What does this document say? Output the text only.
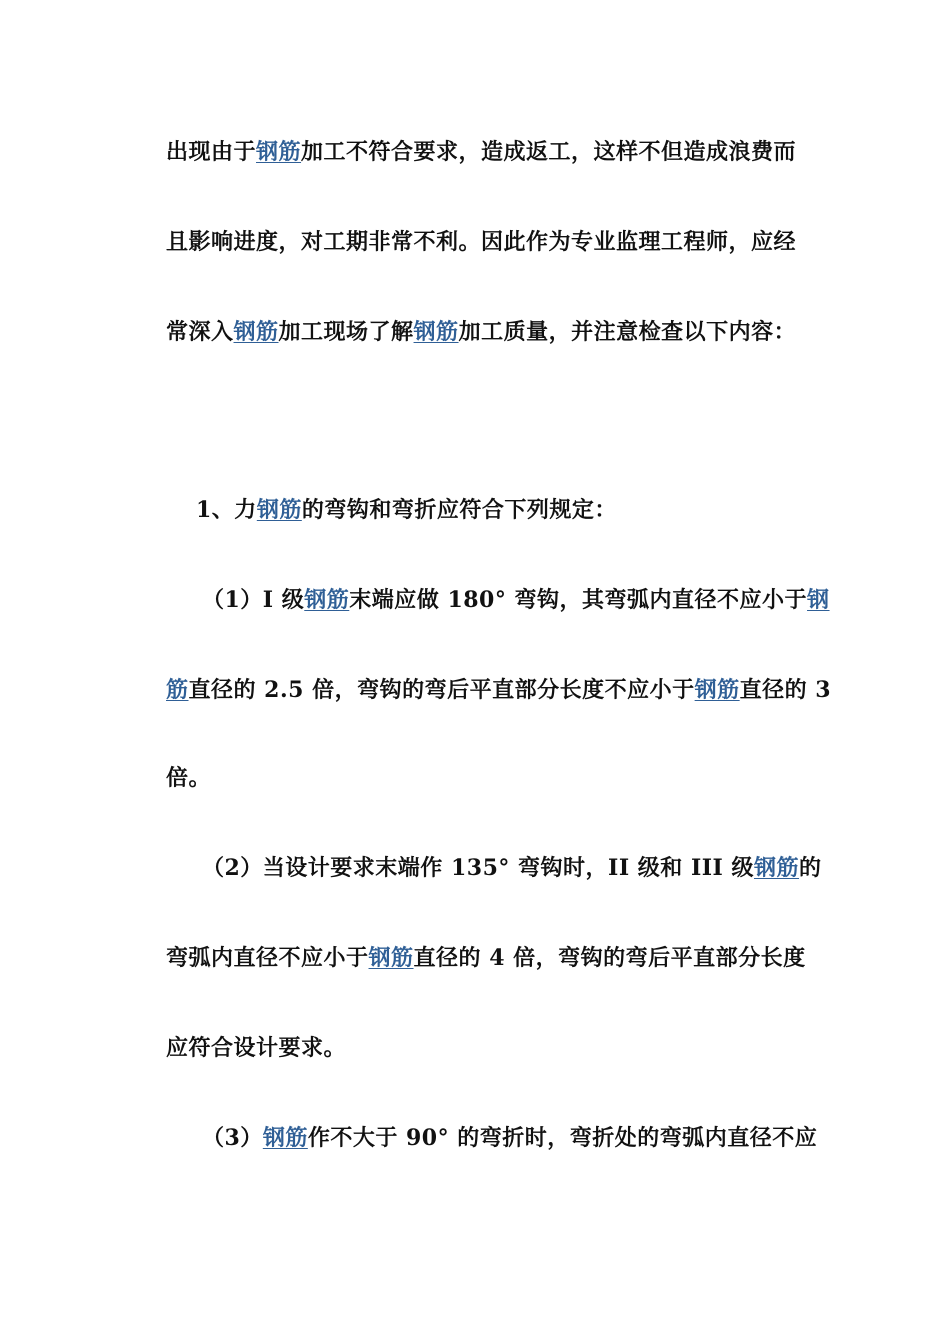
出现由于钢筋加工不符合要求，造成返工，这样不但造成浪费而
且影响进度，对工期非常不利。因此作为专业监理工程师，应经
常深入钢筋加工现场了解钢筋加工质量，并注意检查以下内容：
1、力钢筋的弯钩和弯折应符合下列规定：
（1）I 级钢筋末端应做 180° 弯钩，其弯弧内直径不应小于钢
筋直径的 2.5 倍，弯钩的弯后平直部分长度不应小于钢筋直径的 3
倍。
（2）当设计要求末端作 135° 弯钩时，II 级和 III 级钢筋的
弯弧内直径不应小于钢筋直径的 4 倍，弯钩的弯后平直部分长度
应符合设计要求。
（3）钢筋作不大于 90° 的弯折时，弯折处的弯弧内直径不应
